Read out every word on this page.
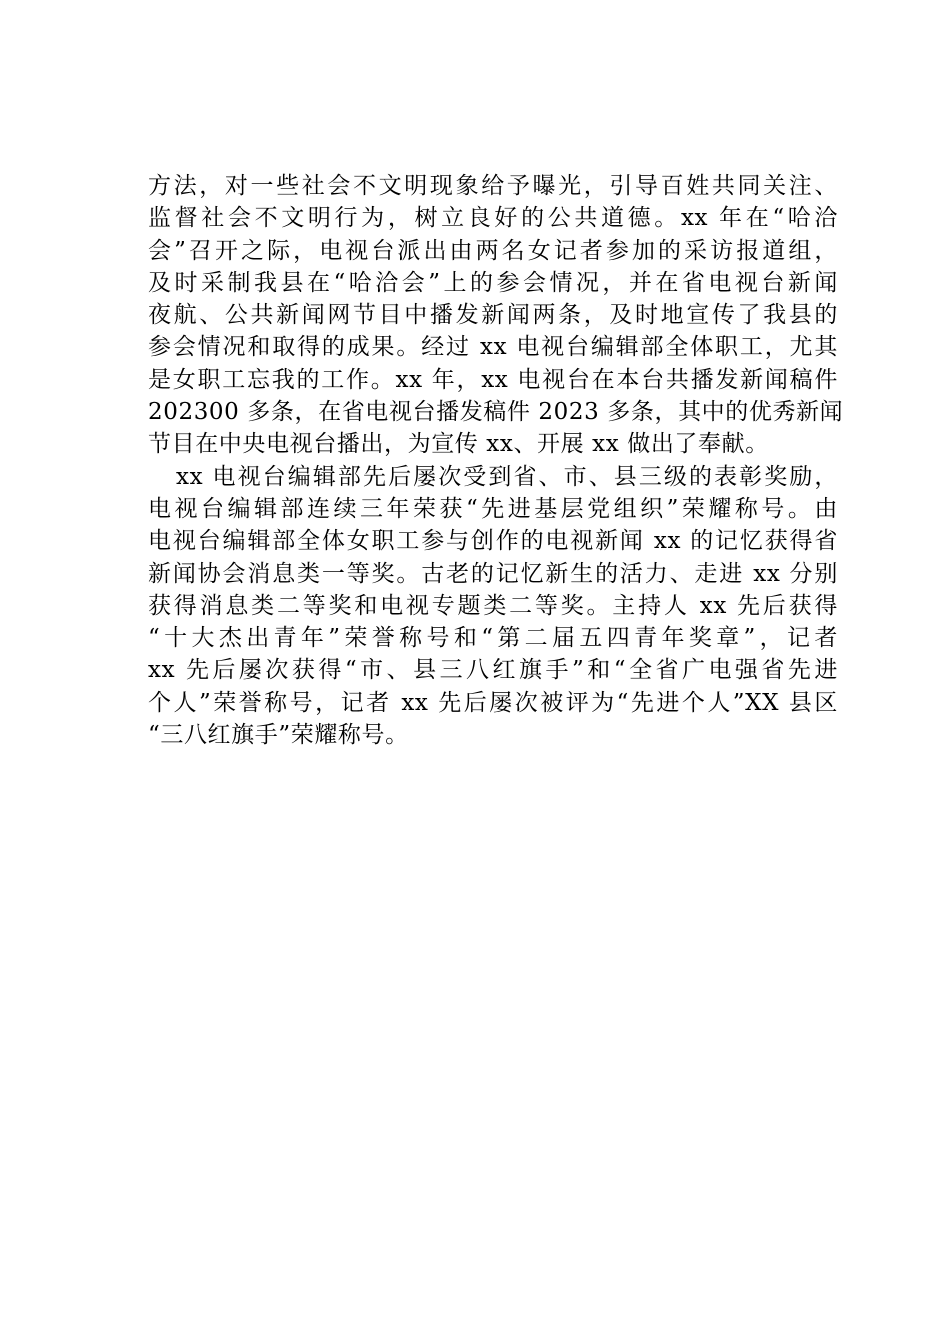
方法，对一些社会不文明现象给予曝光，引导百姓共同关注、
监督社会不文明行为，树立良好的公共道德。xx 年在“哈洽
会”召开之际，电视台派出由两名女记者参加的采访报道组，
及时采制我县在“哈洽会”上的参会情况，并在省电视台新闻
夜航、公共新闻网节目中播发新闻两条，及时地宣传了我县的
参会情况和取得的成果。经过 xx 电视台编辑部全体职工，尤其
是女职工忘我的工作。xx 年，xx 电视台在本台共播发新闻稿件
202300 多条，在省电视台播发稿件 2023 多条，其中的优秀新闻
节目在中央电视台播出，为宣传 xx、开展 xx 做出了奉献。
xx 电视台编辑部先后屡次受到省、市、县三级的表彰奖励，
电视台编辑部连续三年荣获“先进基层党组织”荣耀称号。由
电视台编辑部全体女职工参与创作的电视新闻 xx 的记忆获得省
新闻协会消息类一等奖。古老的记忆新生的活力、走进 xx 分别
获得消息类二等奖和电视专题类二等奖。主持人 xx 先后获得
“十大杰出青年”荣誉称号和“第二届五四青年奖章”，记者
xx 先后屡次获得“市、县三八红旗手”和“全省广电强省先进
个人”荣誉称号，记者 xx 先后屡次被评为“先进个人”XX 县区
“三八红旗手”荣耀称号。
